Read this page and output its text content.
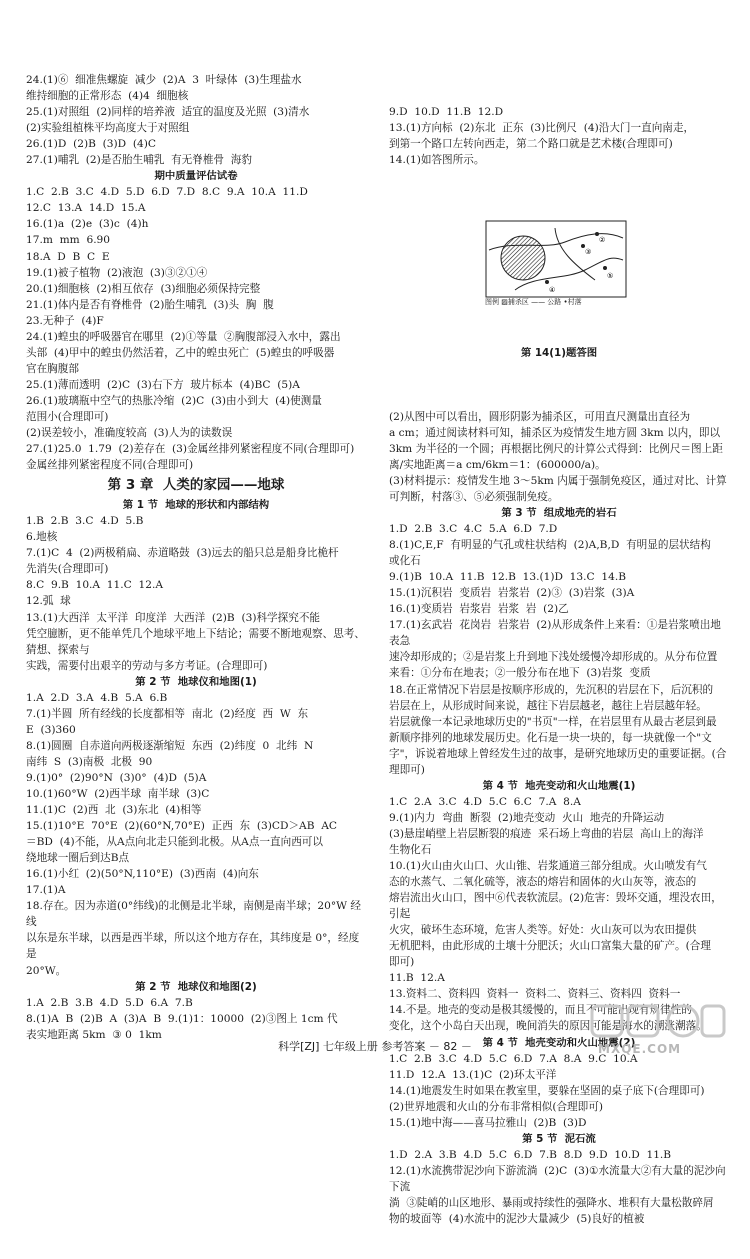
24.(1)⑥  细准焦螺旋  减少  (2)A  3  叶绿体  (3)生理盐水
维持细胞的正常形态  (4)4  细胞核
25.(1)对照组  (2)同样的培养液  适宜的温度及光照  (3)清水
(2)实验组植株平均高度大于对照组
26.(1)D  (2)B  (3)D  (4)C
27.(1)哺乳  (2)是否胎生哺乳  有无脊椎骨  海豹
期中质量评估试卷
1.C  2.B  3.C  4.D  5.D  6.D  7.D  8.C  9.A  10.A  11.D
12.C  13.A  14.D  15.A
16.(1)a  (2)e  (3)c  (4)h
17.m  mm  6.90
18.A  D  B  C  E
19.(1)被子植物  (2)液泡  (3)③②①④
20.(1)细胞核  (2)相互依存  (3)细胞必须保持完整
21.(1)体内是否有脊椎骨  (2)胎生哺乳  (3)头  胸  腹
23.无种子  (4)F
24.(1)蝗虫的呼吸器官在哪里  (2)①等量  ②胸腹部浸入水中，露出
头部  (4)甲中的蝗虫仍然活着，乙中的蝗虫死亡  (5)蝗虫的呼吸器
官在胸腹部
25.(1)薄而透明  (2)C  (3)右下方  玻片标本  (4)BC  (5)A
26.(1)玻璃瓶中空气的热胀冷缩  (2)C  (3)由小到大  (4)使测量
范围小(合理即可)
(2)误差较小，准确度较高  (3)人为的读数误
27.(1)25.0  1.79  (2)差存在  (3)金属丝排列紧密程度不同(合理即可)
金属丝排列紧密程度不同(合理即可)
第 3 章  人类的家园——地球
第 1 节  地球的形状和内部结构
1.B  2.B  3.C  4.D  5.B
6.地核
7.(1)C  4  (2)两极稍扁、赤道略鼓  (3)远去的船只总是船身比桅杆
先消失(合理即可)
8.C  9.B  10.A  11.C  12.A
12.弧  球
13.(1)大西洋  太平洋  印度洋  大西洋  (2)B  (3)科学探究不能
凭空臆断，更不能单凭几个地球平地上下结论；需要不断地观察、思考、猜想、探索与
实践，需要付出艰辛的劳动与多方考证。(合理即可)
第 2 节  地球仪和地图(1)
1.A  2.D  3.A  4.B  5.A  6.B
7.(1)半圆  所有经线的长度都相等  南北  (2)经度  西  W  东
E  (3)360
8.(1)圆圈  自赤道向两极逐渐缩短  东西  (2)纬度  0  北纬  N
南纬  S  (3)南极  北极  90
9.(1)0°  (2)90°N  (3)0°  (4)D  (5)A
10.(1)60°W  (2)西半球  南半球  (3)C
11.(1)C  (2)西  北  (3)东北  (4)相等
15.(1)10°E  70°E  (2)(60°N,70°E)  正西  东  (3)CD＞AB  AC
＝BD  (4)不能，从A点向北走只能到北极。从A点一直向西可以
绕地球一圈后到达B点
16.(1)小红  (2)(50°N,110°E)  (3)西南  (4)向东
17.(1)A
18.存在。因为赤道(0°纬线)的北侧是北半球，南侧是南半球；20°W 经线
以东是东半球，以西是西半球，所以这个地方存在，其纬度是 0°，经度是
20°W。
第 2 节  地球仪和地图(2)
1.A  2.B  3.B  4.D  5.D  6.A  7.B
8.(1)A  B  (2)B  A  (3)A  B  9.(1)1：10000  (2)③图上 1cm 代
表实地距离 5km  ③ 0  1km

9.D  10.D  11.B  12.D
13.(1)方向标  (2)东北  正东  (3)比例尺  (4)沿大门一直向南走，
到第一个路口左转向西走，第二个路口就是艺术楼(合理即可)
14.(1)如答图所示。

③
⑤
④
②

图例 ▨捕杀区 —— 公路 •村落

第 14(1)题答图

(2)从图中可以看出，圆形阴影为捕杀区，可用直尺测量出直径为
a cm；通过阅读材料可知，捕杀区为疫情发生地方圆 3km 以内，即以
3km 为半径的一个圆；再根据比例尺的计算公式得到：比例尺＝图上距
离/实地距离＝a cm/6km＝1：(600000/a)。
(3)材料提示：疫情发生地 3～5km 内属于强制免疫区，通过对比、计算
可判断，村落③、⑤必须强制免疫。
第 3 节  组成地壳的岩石
1.D  2.B  3.C  4.C  5.A  6.D  7.D
8.(1)C,E,F  有明显的气孔或柱状结构  (2)A,B,D  有明显的层状结构
或化石
9.(1)B  10.A  11.B  12.B  13.(1)D  13.C  14.B
15.(1)沉积岩  变质岩  岩浆岩  (2)③  (3)岩浆  (3)A
16.(1)变质岩  岩浆岩  岩浆  岩  (2)乙
17.(1)玄武岩  花岗岩  岩浆岩  (2)从形成条件上来看：①是岩浆喷出地表急
速冷却形成的；②是岩浆上升到地下浅处缓慢冷却形成的。从分布位置
来看：①分布在地表；②一般分布在地下  (3)岩浆  变质
18.在正常情况下岩层是按顺序形成的，先沉积的岩层在下，后沉积的
岩层在上，从形成时间来说，越往下岩层越老，越往上岩层越年轻。
岩层就像一本记录地球历史的"书页"一样，在岩层里有从最古老层到最
新顺序排列的地球发展历史。化石是一块一块的，每一块就像一个"文
字"，诉说着地球上曾经发生过的故事，是研究地球历史的重要证据。(合理即可)
第 4 节  地壳变动和火山地震(1)
1.C  2.A  3.C  4.D  5.C  6.C  7.A  8.A
9.(1)内力  弯曲  断裂  (2)地壳变动  火山  地壳的升降运动
(3)悬崖峭壁上岩层断裂的痕迹  采石场上弯曲的岩层  高山上的海洋
生物化石
10.(1)火山由火山口、火山锥、岩浆通道三部分组成。火山喷发有气
态的水蒸气、二氧化硫等，液态的熔岩和固体的火山灰等，液态的
熔岩流出火山口，图中⑥代表软流层。(2)危害：毁坏交通，埋没农田，引起
火灾，破坏生态环境，危害人类等。好处：火山灰可以为农田提供
无机肥料，由此形成的土壤十分肥沃；火山口富集大量的矿产。(合理
即可)
11.B  12.A
13.资料二、资料四  资料一  资料二、资料三、资料四  资料一
14.不是。地壳的变动是极其缓慢的，而且不可能出现有规律性的
变化，这个小岛白天出现，晚间消失的原因可能是海水的潮涨潮落。
第 4 节  地壳变动和火山地震(2)
1.C  2.B  3.C  4.D  5.C  6.D  7.A  8.A  9.C  10.A
11.D  12.A  13.(1)C  (2)环太平洋
14.(1)地震发生时如果在教室里，要躲在坚固的桌子底下(合理即可)
(2)世界地震和火山的分布非常相似(合理即可)
15.(1)地中海——喜马拉雅山  (2)B  (3)D
第 5 节  泥石流
1.D  2.A  3.B  4.D  5.C  6.D  7.B  8.D  9.D  10.D  11.B
12.(1)水流携带泥沙向下游流淌  (2)C  (3)①水流量大②有大量的泥沙向下流
淌  ③陡峭的山区地形、暴雨或持续性的强降水、堆积有大量松散碎屑
物的坡面等  (4)水流中的泥沙大量减少  (5)良好的植被

科学[ZJ] 七年级上册 参考答案 － 82 －	MXQE.COM
